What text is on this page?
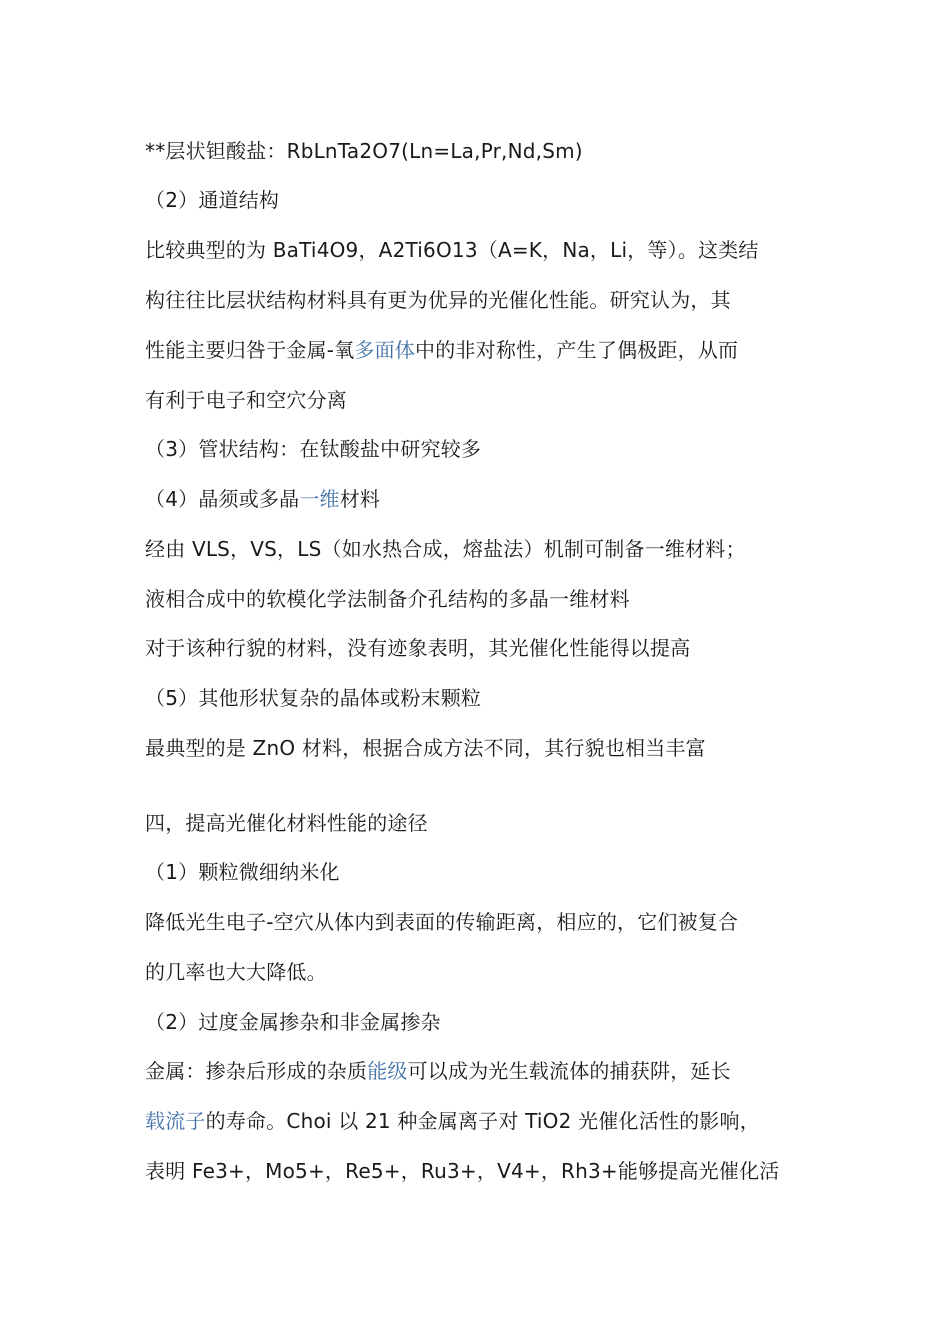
**层状钽酸盐：RbLnTa2O7(Ln=La,Pr,Nd,Sm)
（2）通道结构
比较典型的为 BaTi4O9，A2Ti6O13（A=K，Na，Li，等）。这类结
构往往比层状结构材料具有更为优异的光催化性能。研究认为，其
性能主要归咎于金属-氧多面体中的非对称性，产生了偶极距，从而
有利于电子和空穴分离
（3）管状结构：在钛酸盐中研究较多
（4）晶须或多晶一维材料
经由 VLS，VS，LS（如水热合成，熔盐法）机制可制备一维材料；
液相合成中的软模化学法制备介孔结构的多晶一维材料
对于该种行貌的材料，没有迹象表明，其光催化性能得以提高
（5）其他形状复杂的晶体或粉末颗粒
最典型的是 ZnO 材料，根据合成方法不同，其行貌也相当丰富
四，提高光催化材料性能的途径
（1）颗粒微细纳米化
降低光生电子-空穴从体内到表面的传输距离，相应的，它们被复合
的几率也大大降低。
（2）过度金属掺杂和非金属掺杂
金属：掺杂后形成的杂质能级可以成为光生载流体的捕获阱，延长
载流子的寿命。Choi 以 21 种金属离子对 TiO2 光催化活性的影响，
表明 Fe3+，Mo5+，Re5+，Ru3+，V4+，Rh3+能够提高光催化活
